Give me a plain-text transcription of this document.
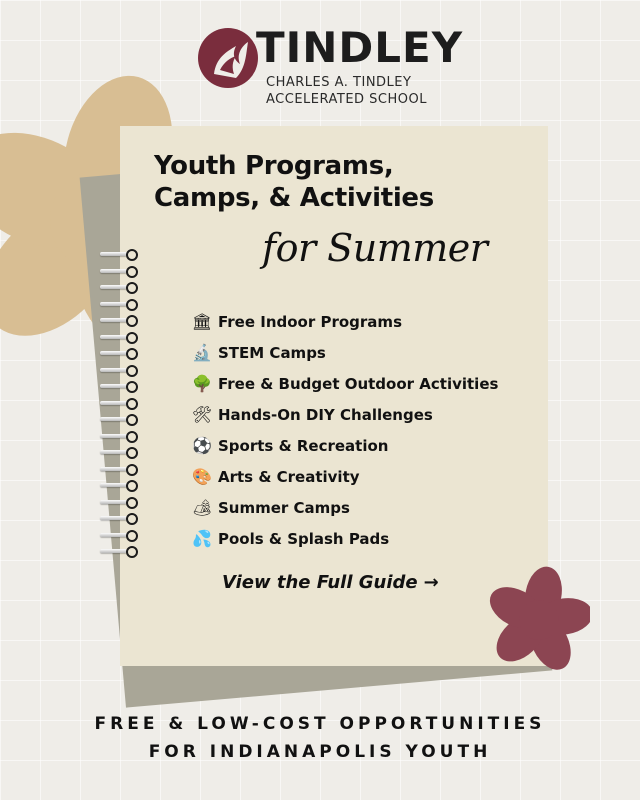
TINDLEY
CHARLES A. TINDLEY
ACCELERATED SCHOOL
Youth Programs,
Camps, & Activities
for Summer
🏛 Free Indoor Programs
🔬 STEM Camps
🌳 Free & Budget Outdoor Activities
🛠 Hands-On DIY Challenges
⚽ Sports & Recreation
🎨 Arts & Creativity
🏕 Summer Camps
💦 Pools & Splash Pads
View the Full Guide →
FREE & LOW-COST OPPORTUNITIES
FOR INDIANAPOLIS YOUTH
